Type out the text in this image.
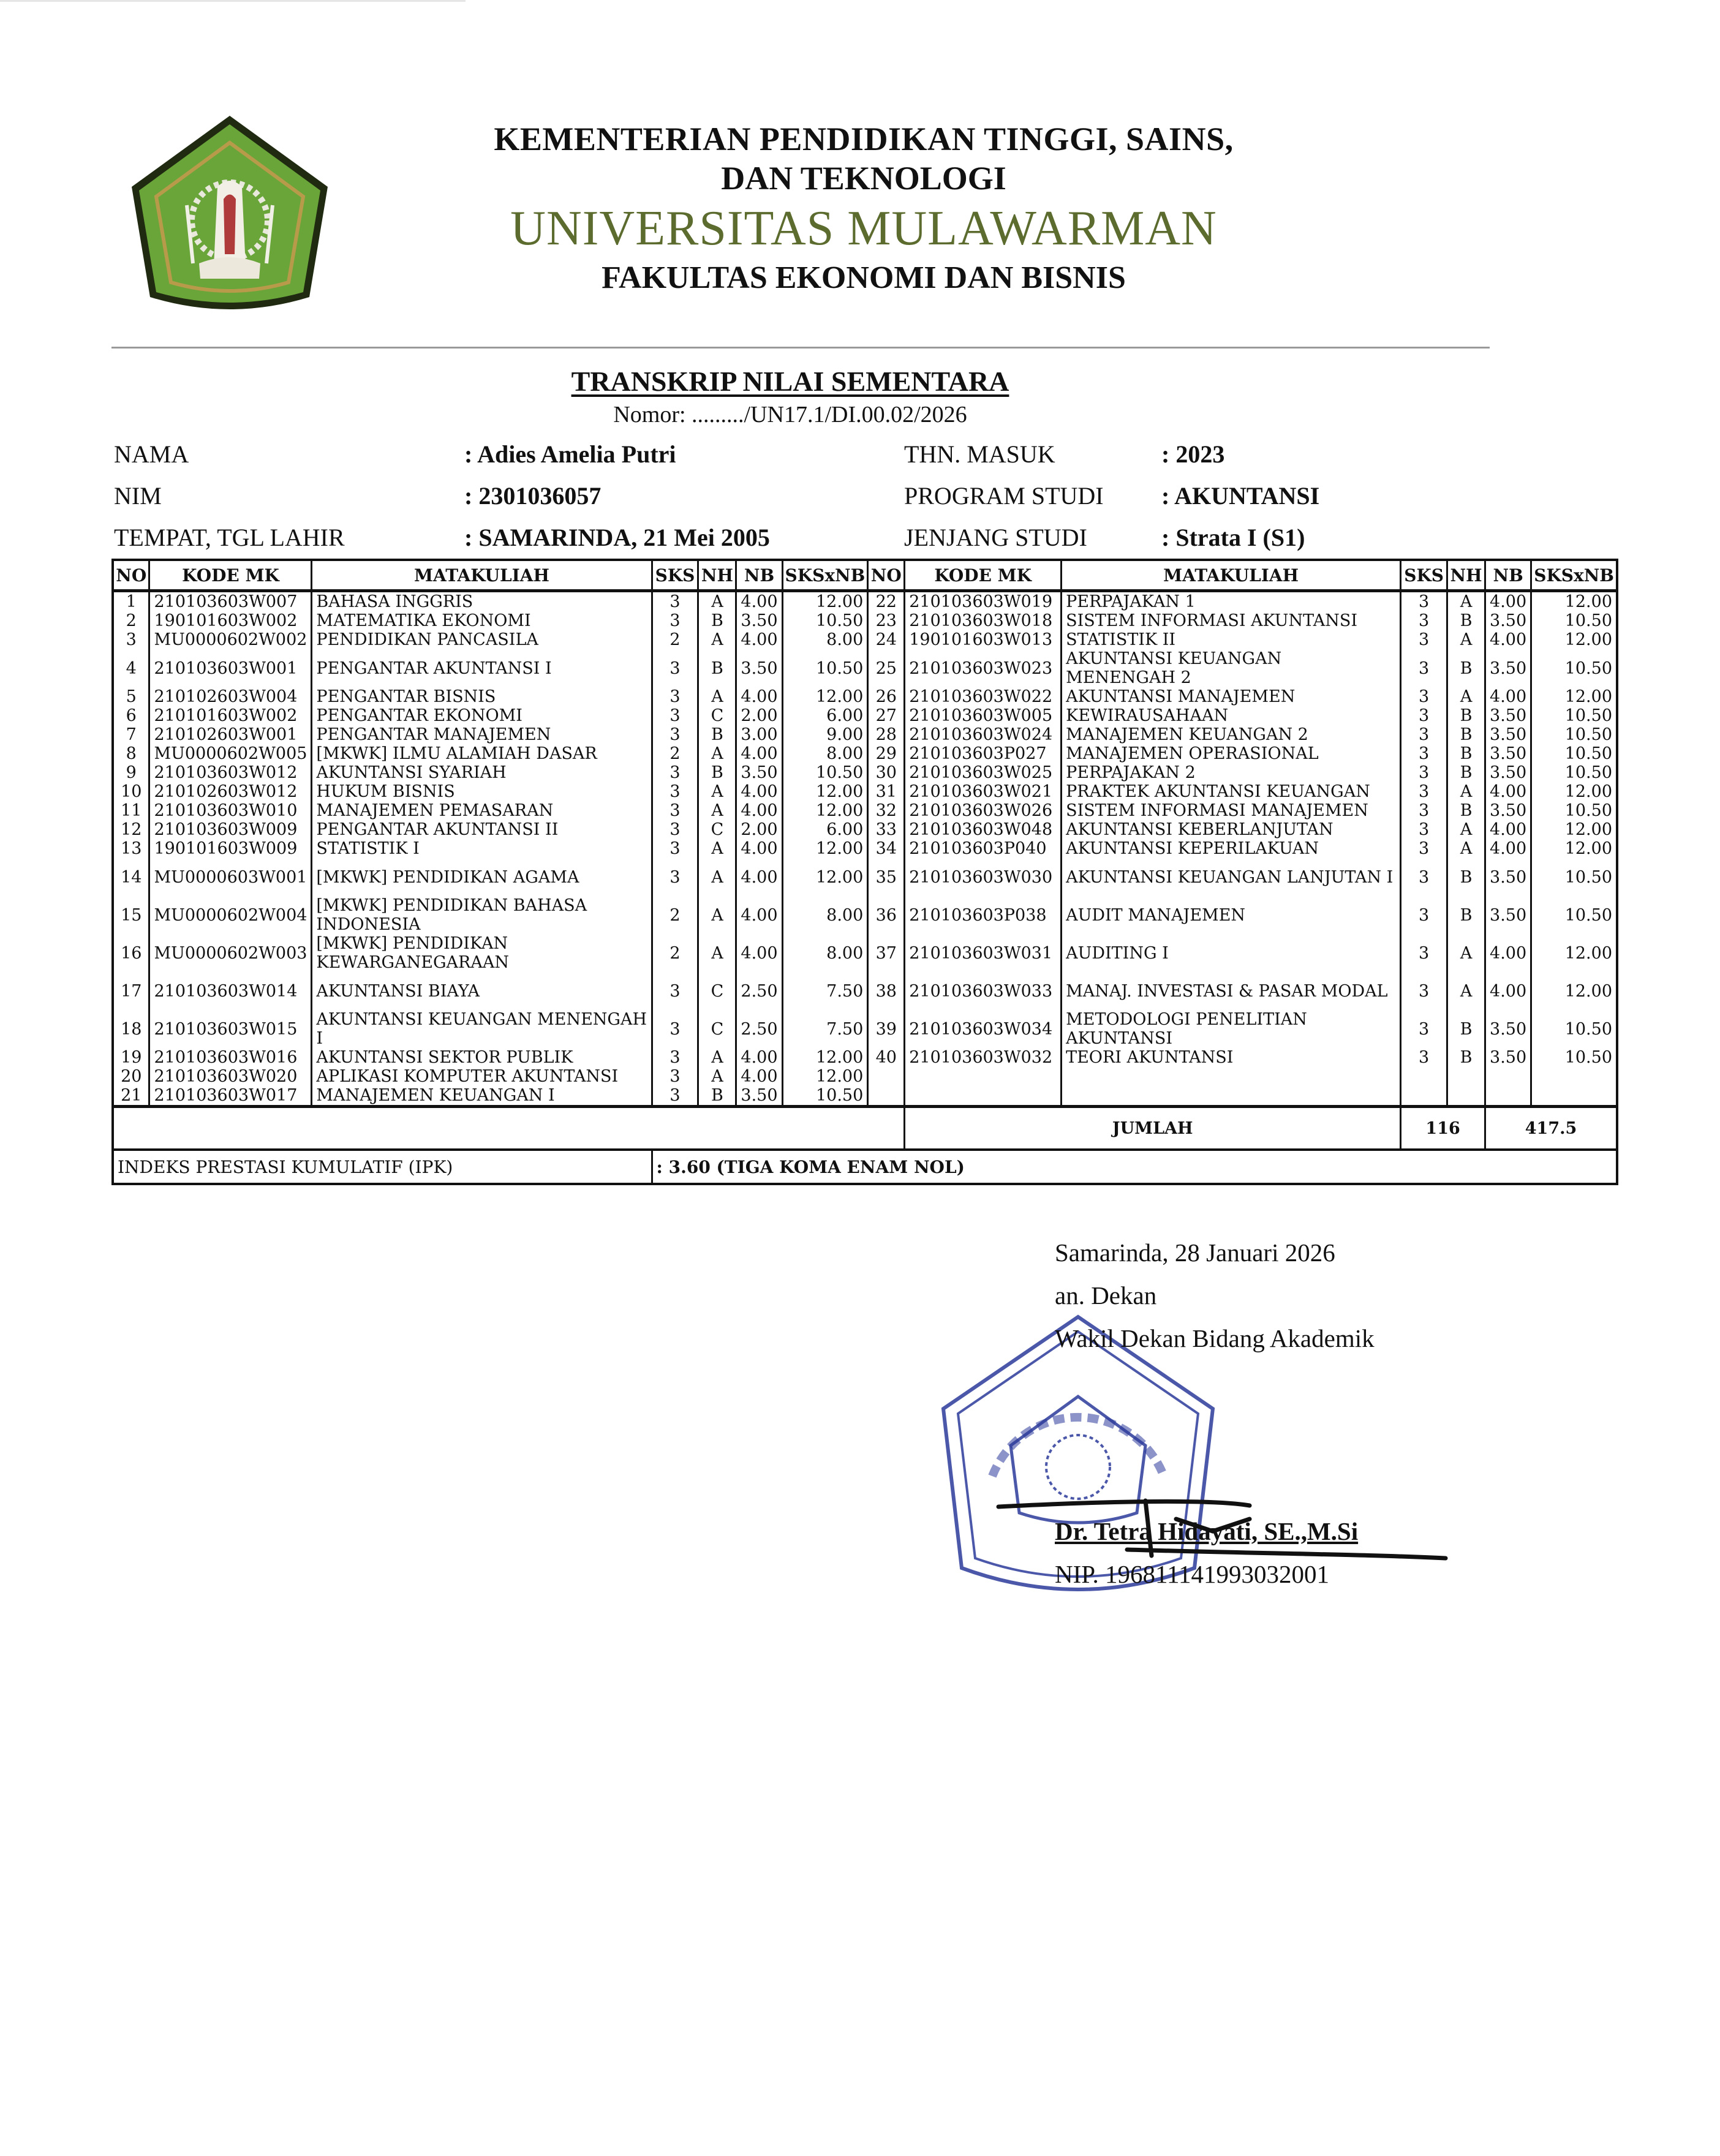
KEMENTERIAN PENDIDIKAN TINGGI, SAINS,
DAN TEKNOLOGI
UNIVERSITAS MULAWARMAN
FAKULTAS EKONOMI DAN BISNIS
TRANSKRIP NILAI SEMENTARA
Nomor: ........./UN17.1/DI.00.02/2026
NAMA	: Adies Amelia Putri	THN. MASUK	: 2023
NIM	: 2301036057	PROGRAM STUDI : AKUNTANSI
TEMPAT, TGL LAHIR	: SAMARINDA, 21 Mei 2005	JENJANG STUDI	: Strata I (S1)
NO	KODE MK	MATAKULIAH	SKS	NH	NB	SKSxNB	NO	KODE MK	MATAKULIAH	SKS	NH	NB	SKSxNB
1	210103603W007	BAHASA INGGRIS	3	A	4.00	12.00	22	210103603W019	PERPAJAKAN 1	3	A	4.00	12.00
2	190101603W002	MATEMATIKA EKONOMI	3	B	3.50	10.50	23	210103603W018	SISTEM INFORMASI AKUNTANSI	3	B	3.50	10.50
3	MU0000602W002	PENDIDIKAN PANCASILA	2	A	4.00	8.00	24	190101603W013	STATISTIK II	3	A	4.00	12.00
4	210103603W001	PENGANTAR AKUNTANSI I	3	B	3.50	10.50	25	210103603W023	AKUNTANSI KEUANGAN MENENGAH 2	3	B	3.50	10.50
5	210102603W004	PENGANTAR BISNIS	3	A	4.00	12.00	26	210103603W022	AKUNTANSI MANAJEMEN	3	A	4.00	12.00
6	210101603W002	PENGANTAR EKONOMI	3	C	2.00	6.00	27	210103603W005	KEWIRAUSAHAAN	3	B	3.50	10.50
7	210102603W001	PENGANTAR MANAJEMEN	3	B	3.00	9.00	28	210103603W024	MANAJEMEN KEUANGAN 2	3	B	3.50	10.50
8	MU0000602W005	[MKWK] ILMU ALAMIAH DASAR	2	A	4.00	8.00	29	210103603P027	MANAJEMEN OPERASIONAL	3	B	3.50	10.50
9	210103603W012	AKUNTANSI SYARIAH	3	B	3.50	10.50	30	210103603W025	PERPAJAKAN 2	3	B	3.50	10.50
10	210102603W012	HUKUM BISNIS	3	A	4.00	12.00	31	210103603W021	PRAKTEK AKUNTANSI KEUANGAN	3	A	4.00	12.00
11	210103603W010	MANAJEMEN PEMASARAN	3	A	4.00	12.00	32	210103603W026	SISTEM INFORMASI MANAJEMEN	3	B	3.50	10.50
12	210103603W009	PENGANTAR AKUNTANSI II	3	C	2.00	6.00	33	210103603W048	AKUNTANSI KEBERLANJUTAN	3	A	4.00	12.00
13	190101603W009	STATISTIK I	3	A	4.00	12.00	34	210103603P040	AKUNTANSI KEPERILAKUAN	3	A	4.00	12.00
14	MU0000603W001	[MKWK] PENDIDIKAN AGAMA	3	A	4.00	12.00	35	210103603W030	AKUNTANSI KEUANGAN LANJUTAN I	3	B	3.50	10.50
15	MU0000602W004	[MKWK] PENDIDIKAN BAHASA INDONESIA	2	A	4.00	8.00	36	210103603P038	AUDIT MANAJEMEN	3	B	3.50	10.50
16	MU0000602W003	[MKWK] PENDIDIKAN KEWARGANEGARAAN	2	A	4.00	8.00	37	210103603W031	AUDITING I	3	A	4.00	12.00
17	210103603W014	AKUNTANSI BIAYA	3	C	2.50	7.50	38	210103603W033	MANAJ. INVESTASI & PASAR MODAL	3	A	4.00	12.00
18	210103603W015	AKUNTANSI KEUANGAN MENENGAH I	3	C	2.50	7.50	39	210103603W034	METODOLOGI PENELITIAN AKUNTANSI	3	B	3.50	10.50
19	210103603W016	AKUNTANSI SEKTOR PUBLIK	3	A	4.00	12.00	40	210103603W032	TEORI AKUNTANSI	3	B	3.50	10.50
20	210103603W020	APLIKASI KOMPUTER AKUNTANSI	3	A	4.00	12.00							
21	210103603W017	MANAJEMEN KEUANGAN I	3	B	3.50	10.50							
								JUMLAH		116		417.5	
INDEKS PRESTASI KUMULATIF (IPK)			: 3.60 (TIGA KOMA ENAM NOL)										
Samarinda, 28 Januari 2026
an. Dekan
Wakil Dekan Bidang Akademik
Dr. Tetra Hidayati, SE.,M.Si
NIP. 196811141993032001
